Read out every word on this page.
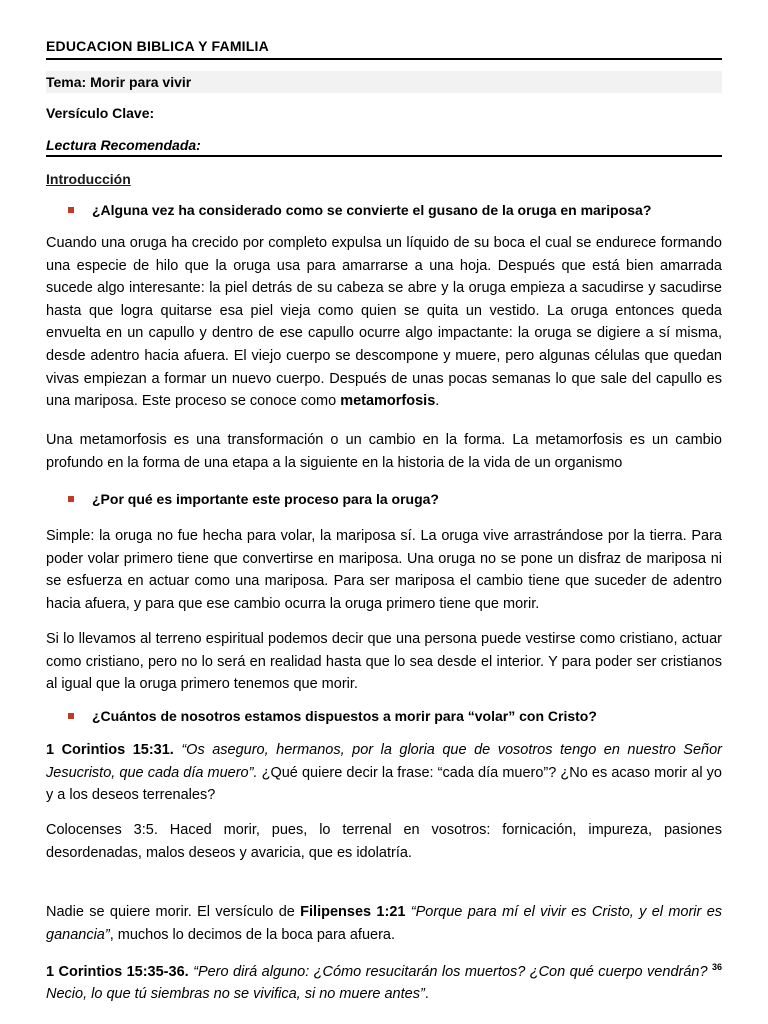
EDUCACION BIBLICA Y FAMILIA
Tema: Morir para vivir
Versículo Clave:
Lectura Recomendada:
Introducción
¿Alguna vez ha considerado como se convierte el gusano de la oruga en mariposa?

Cuando una oruga ha crecido por completo expulsa un líquido de su boca el cual se endurece formando una especie de hilo que la oruga usa para amarrarse a una hoja. Después que está bien amarrada sucede algo interesante: la piel detrás de su cabeza se abre y la oruga empieza a sacudirse y sacudirse hasta que logra quitarse esa piel vieja como quien se quita un vestido. La oruga entonces queda envuelta en un capullo y dentro de ese capullo ocurre algo impactante: la oruga se digiere a sí misma, desde adentro hacia afuera. El viejo cuerpo se descompone y muere, pero algunas células que quedan vivas empiezan a formar un nuevo cuerpo. Después de unas pocas semanas lo que sale del capullo es una mariposa. Este proceso se conoce como metamorfosis.

Una metamorfosis es una transformación o un cambio en la forma. La metamorfosis es un cambio profundo en la forma de una etapa a la siguiente en la historia de la vida de un organismo

¿Por qué es importante este proceso para la oruga?

Simple: la oruga no fue hecha para volar, la mariposa sí. La oruga vive arrastrándose por la tierra. Para poder volar primero tiene que convertirse en mariposa. Una oruga no se pone un disfraz de mariposa ni se esfuerza en actuar como una mariposa. Para ser mariposa el cambio tiene que suceder de adentro hacia afuera, y para que ese cambio ocurra la oruga primero tiene que morir.

Si lo llevamos al terreno espiritual podemos decir que una persona puede vestirse como cristiano, actuar como cristiano, pero no lo será en realidad hasta que lo sea desde el interior. Y para poder ser cristianos al igual que la oruga primero tenemos que morir.

¿Cuántos de nosotros estamos dispuestos a morir para “volar” con Cristo?

1 Corintios 15:31. “Os aseguro, hermanos, por la gloria que de vosotros tengo en nuestro Señor Jesucristo, que cada día muero”. ¿Qué quiere decir la frase: “cada día muero”? ¿No es acaso morir al yo y a los deseos terrenales?

Colocenses 3:5. Haced morir, pues, lo terrenal en vosotros: fornicación, impureza, pasiones desordenadas, malos deseos y avaricia, que es idolatría.

Nadie se quiere morir. El versículo de Filipenses 1:21 “Porque para mí el vivir es Cristo, y el morir es ganancia”, muchos lo decimos de la boca para afuera.

1 Corintios 15:35-36. “Pero dirá alguno: ¿Cómo resucitarán los muertos? ¿Con qué cuerpo vendrán? $^{36}$ Necio, lo que tú siembras no se vivifica, si no muere antes”.
